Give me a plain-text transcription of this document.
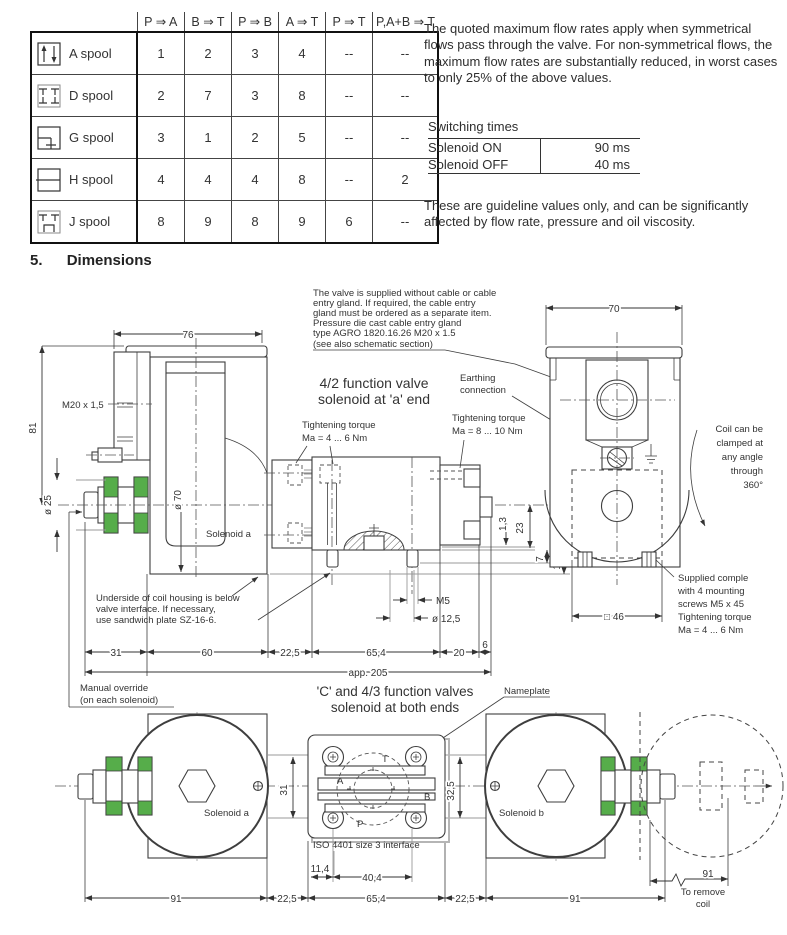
	P ⇒ A	B ⇒ T	P ⇒ B	A ⇒ T	P ⇒ T	P,A+B ⇒ T

A spool	1	2	3	4	--	--

D spool	2	7	3	8	--	--

G spool	3	1	2	5	--	--

H spool	4	4	4	8	--	2

J spool	8	9	8	9	6	--

The quoted maximum flow rates apply when symmetrical flows pass through the valve. For non-symmetrical flows, the maximum flow rates are substantially reduced, in worst cases to only 25% of the above values.

Switching times
Solenoid ON	90 ms
Solenoid OFF	40 ms

These are guideline values only, and can be significantly affected by flow rate, pressure and oil viscosity.

5. Dimensions
The valve is supplied without cable or cable
entry gland. If required, the cable entry
gland must be ordered as a separate item.
Pressure die cast cable entry gland
type AGRO 1820.16.26 M20 x 1.5
(see also schematic section)
4/2 function valve
solenoid at 'a' end
Earthing
connection
Solenoid a
76
81
ø 25
M20 x 1,5
ø 70
Tightening torque
Ma = 4 ... 6 Nm
Tightening torque
Ma = 8 ... 10 Nm
1,3 23
7
M5
ø 12,5
70
□ 46
Coil can be
clamped at
any angle
through
360°
Supplied comple
with 4 mounting
screws M5 x 45
Tightening torque
Ma = 4 ... 6 Nm
Underside of coil housing is below
valve interface. If necessary,
use sandwich plate SZ-16-6.
31	60	22,5	65,4	20
6
app. 205
Manual override
(on each solenoid)
'C' and 4/3 function valves
solenoid at both ends
Nameplate
Solenoid a
T
A
B
P
31	32,5
Solenoid b
ISO 4401 size 3 interface
11,4
40,4
91	22,5	65,4	22,5	91
91
To remove
coil
